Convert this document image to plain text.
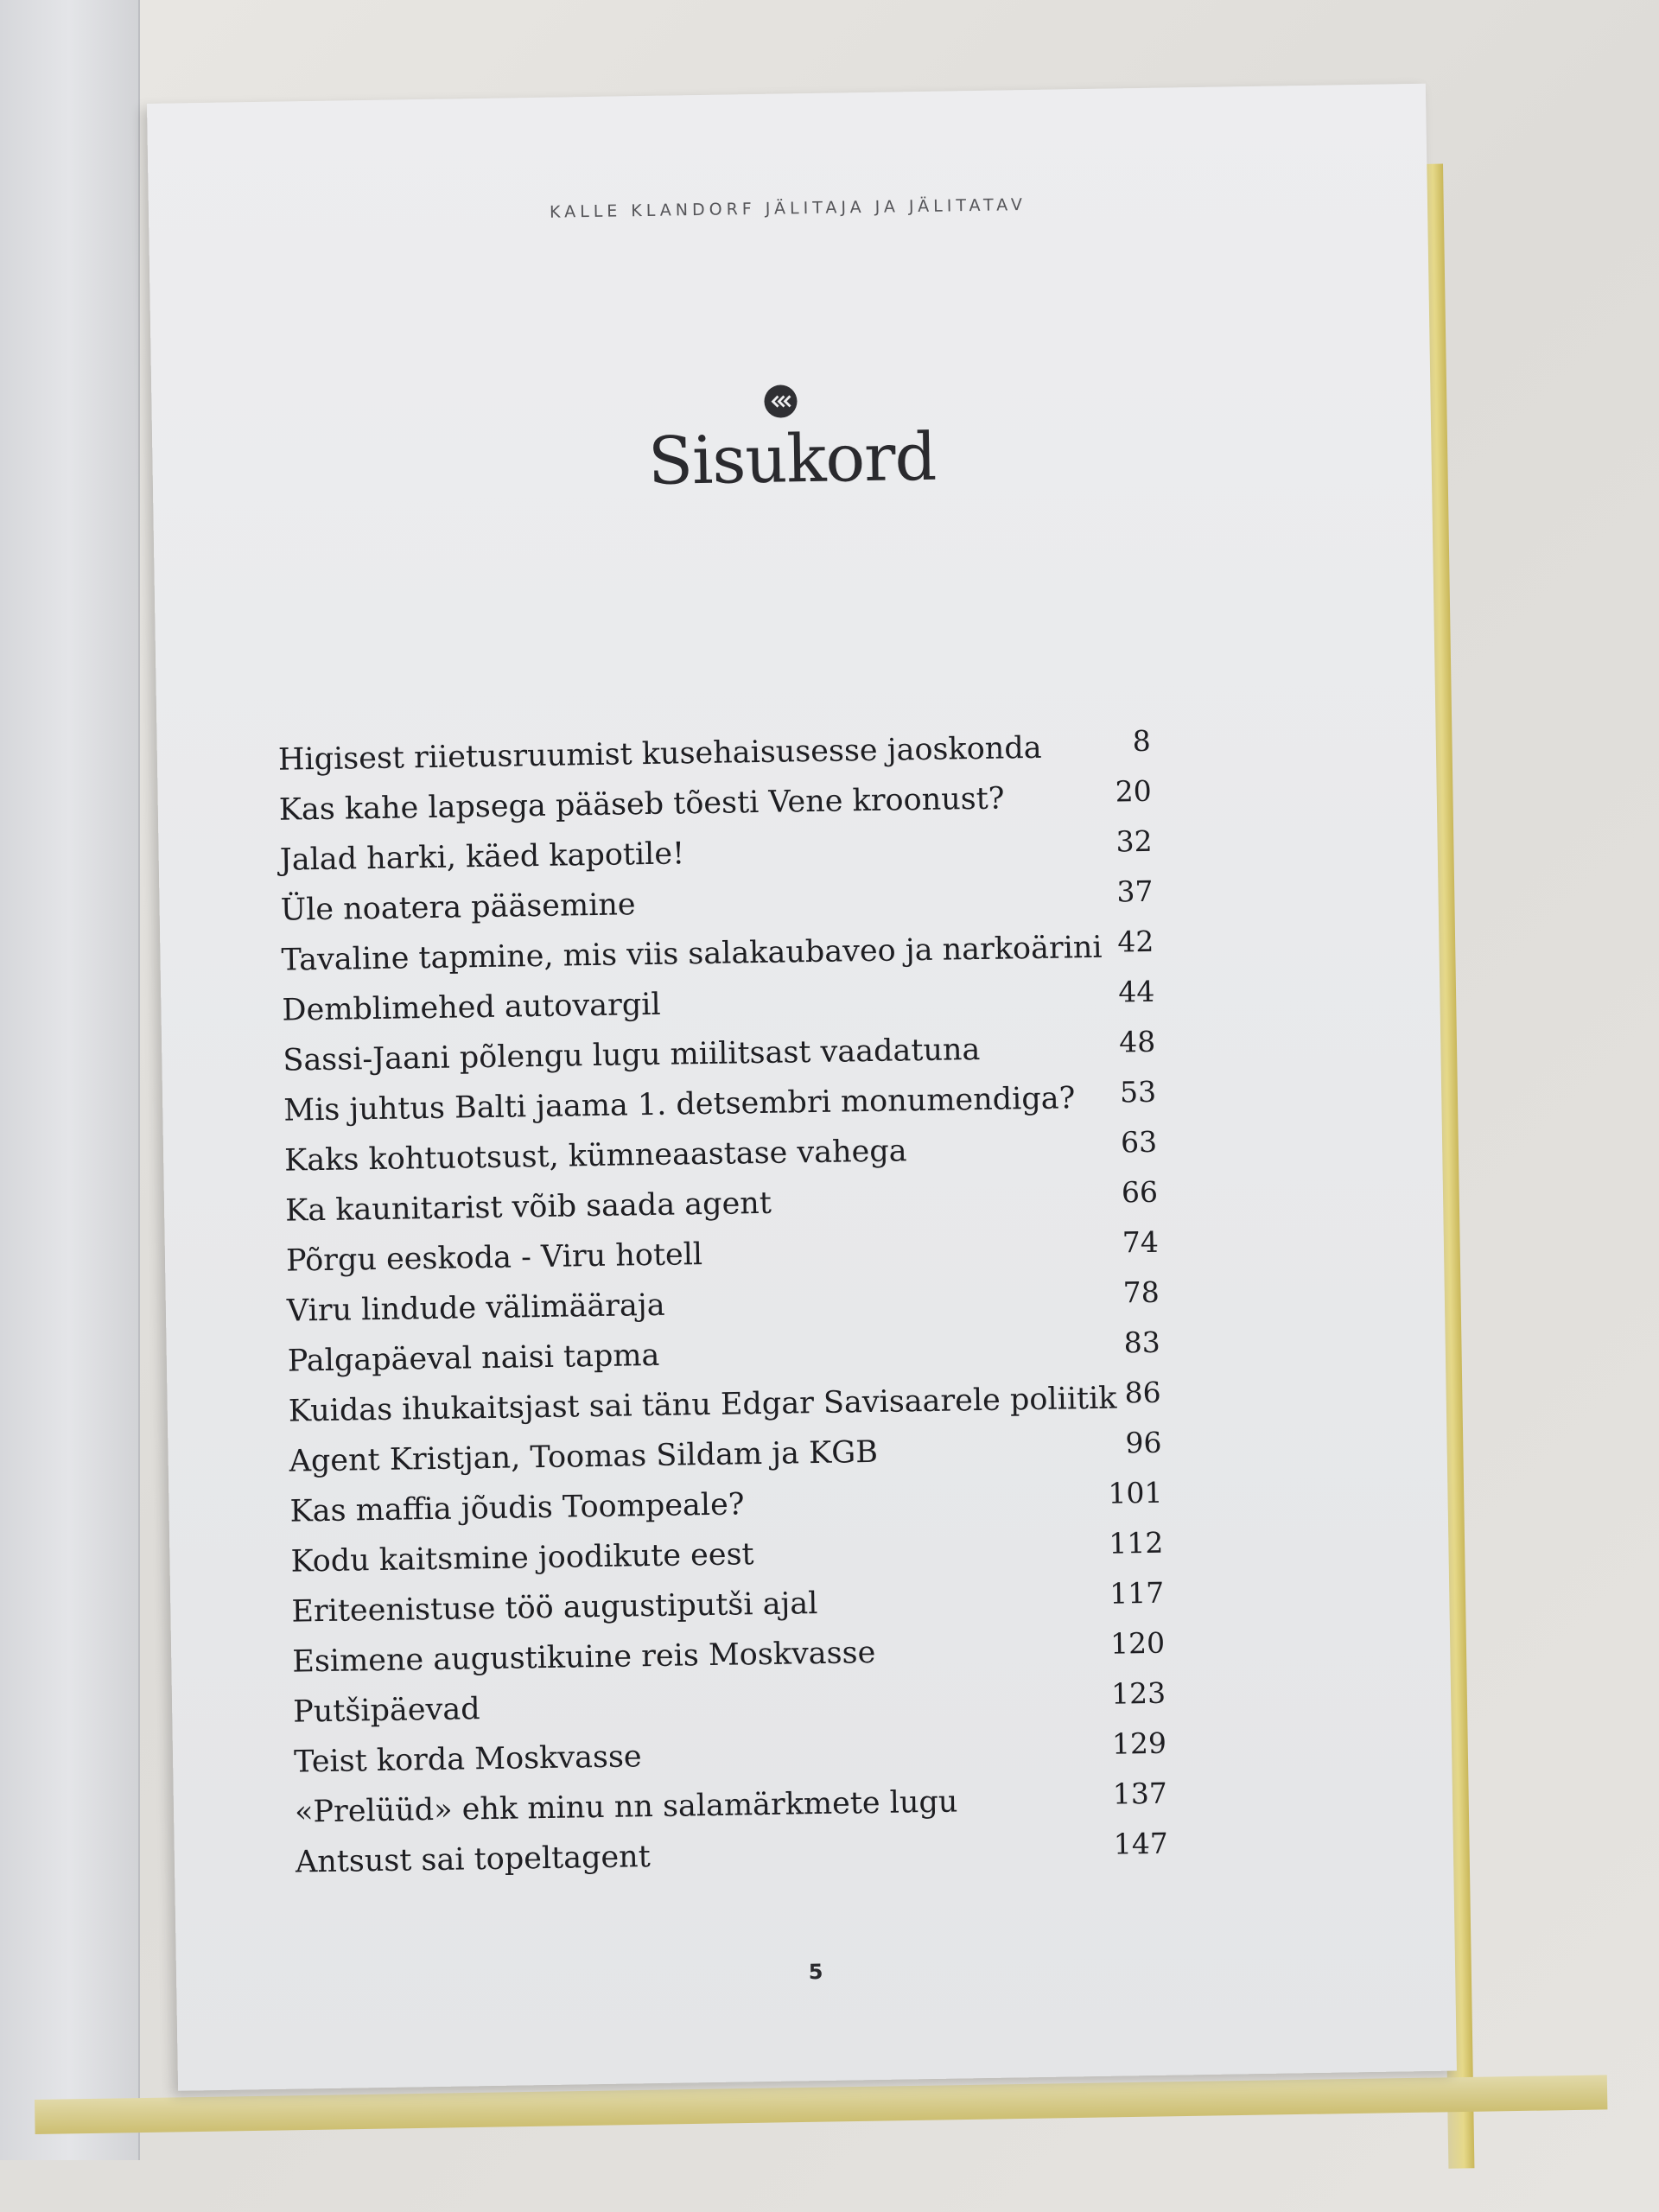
KALLE KLANDORF JÄLITAJA JA JÄLITATAV
Sisukord
Higisest riietusruumist kusehaisusesse jaoskonda	8
Kas kahe lapsega pääseb tõesti Vene kroonust?	20
Jalad harki, käed kapotile!	32
Üle noatera pääsemine	37
Tavaline tapmine, mis viis salakaubaveo ja narkoärini 42
Demblimehed autovargil	44
Sassi-Jaani põlengu lugu miilitsast vaadatuna	48
Mis juhtus Balti jaama 1. detsembri monumendiga? 53
Kaks kohtuotsust, kümneaastase vahega	63
Ka kaunitarist võib saada agent	66
Põrgu eeskoda - Viru hotell	74
Viru lindude välimääraja	78
Palgapäeval naisi tapma	83
Kuidas ihukaitsjast sai tänu Edgar Savisaarele poliitik 86
Agent Kristjan, Toomas Sildam ja KGB	96
Kas maffia jõudis Toompeale?	101
Kodu kaitsmine joodikute eest	112
Eriteenistuse töö augustiputši ajal	117
Esimene augustikuine reis Moskvasse	120
Putšipäevad	123
Teist korda Moskvasse	129
«Prelüüd» ehk minu nn salamärkmete lugu	137
Antsust sai topeltagent	147
5
